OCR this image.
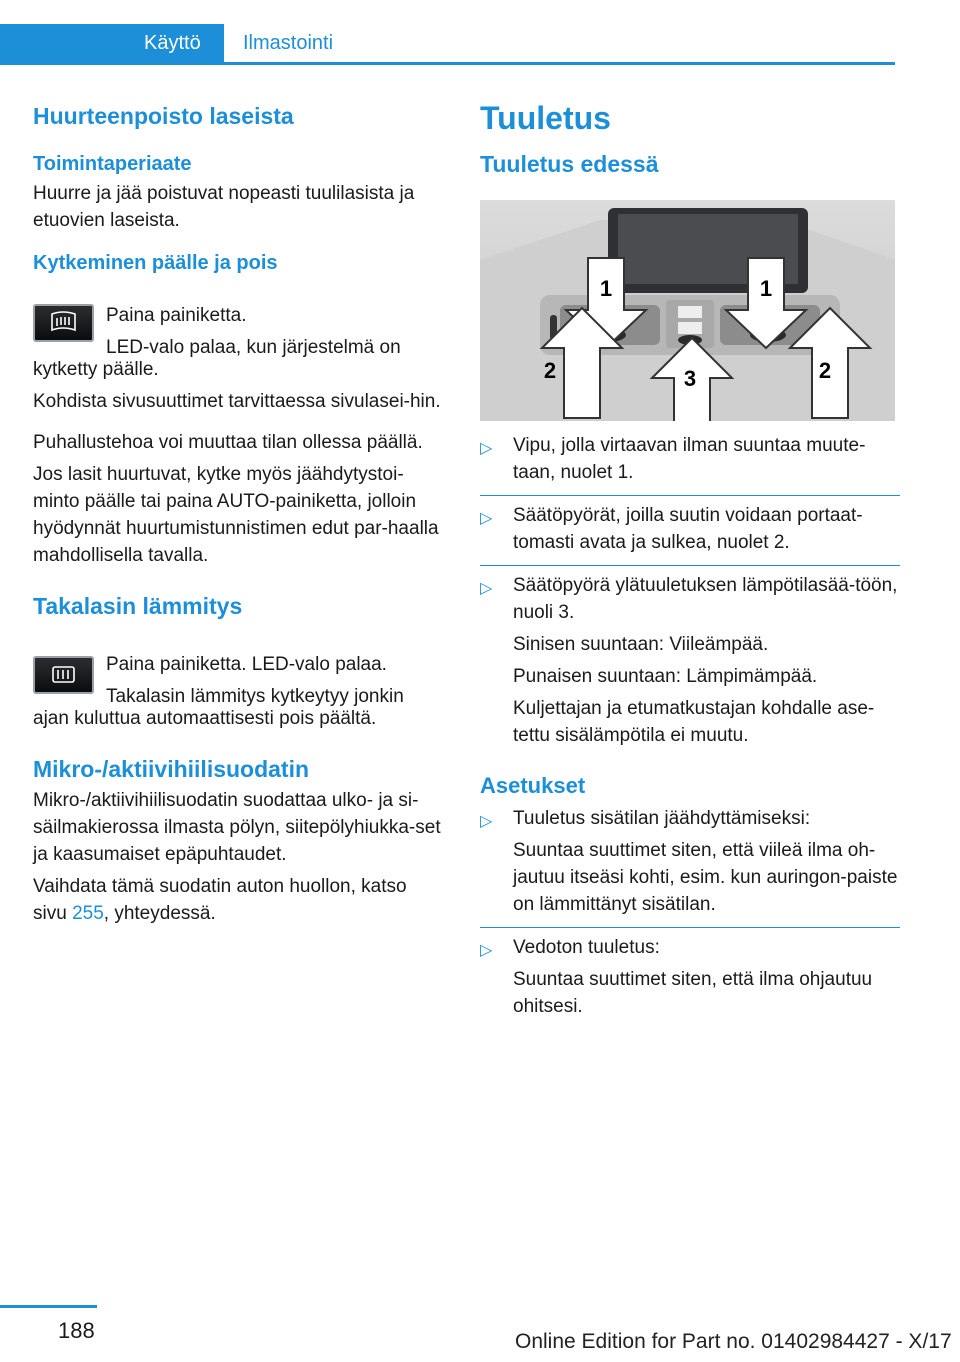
Käyttö Ilmastointi
Huurteenpoisto laseista
Toimintaperiaate

Huurre ja jää poistuvat nopeasti tuulilasista ja etuovien laseista.

Kytkeminen päälle ja pois

Paina painiketta.

LED-valo palaa, kun järjestelmä on

kytketty päälle.

Kohdista sivusuuttimet tarvittaessa sivulasei-hin.

Puhallustehoa voi muuttaa tilan ollessa päällä.

Jos lasit huurtuvat, kytke myös jäähdytystoi-minto päälle tai paina AUTO-painiketta, jolloin hyödynnät huurtumistunnistimen edut par-haalla mahdollisella tavalla.

Takalasin lämmitys

Paina painiketta. LED-valo palaa.

Takalasin lämmitys kytkeytyy jonkin

ajan kuluttua automaattisesti pois päältä.

Mikro-/aktiivihiilisuodatin

Mikro-/aktiivihiilisuodatin suodattaa ulko- ja si-säilmakierossa ilmasta pölyn, siitepölyhiukka-set ja kaasumaiset epäpuhtaudet.

Vaihdata tämä suodatin auton huollon, katso

sivu 255, yhteydessä.

Tuuletus
Tuuletus edessä
1	1
2	3	2
▷ Vipu, jolla virtaavan ilman suuntaa muute-taan, nuolet 1.
▷ Säätöpyörät, joilla suutin voidaan portaat-tomasti avata ja sulkea, nuolet 2.
▷ Säätöpyörä ylätuuletuksen lämpötilasää-töön, nuoli 3.
Sinisen suuntaan: Viileämpää.
Punaisen suuntaan: Lämpimämpää.
Kuljettajan ja etumatkustajan kohdalle ase-tettu sisälämpötila ei muutu.
Asetukset
▷ Tuuletus sisätilan jäähdyttämiseksi:
Suuntaa suuttimet siten, että viileä ilma oh-jautuu itseäsi kohti, esim. kun auringon-paiste on lämmittänyt sisätilan.
▷ Vedoton tuuletus:
Suuntaa suuttimet siten, että ilma ohjautuu ohitsesi.
188	Online Edition for Part no. 01402984427 - X/17
